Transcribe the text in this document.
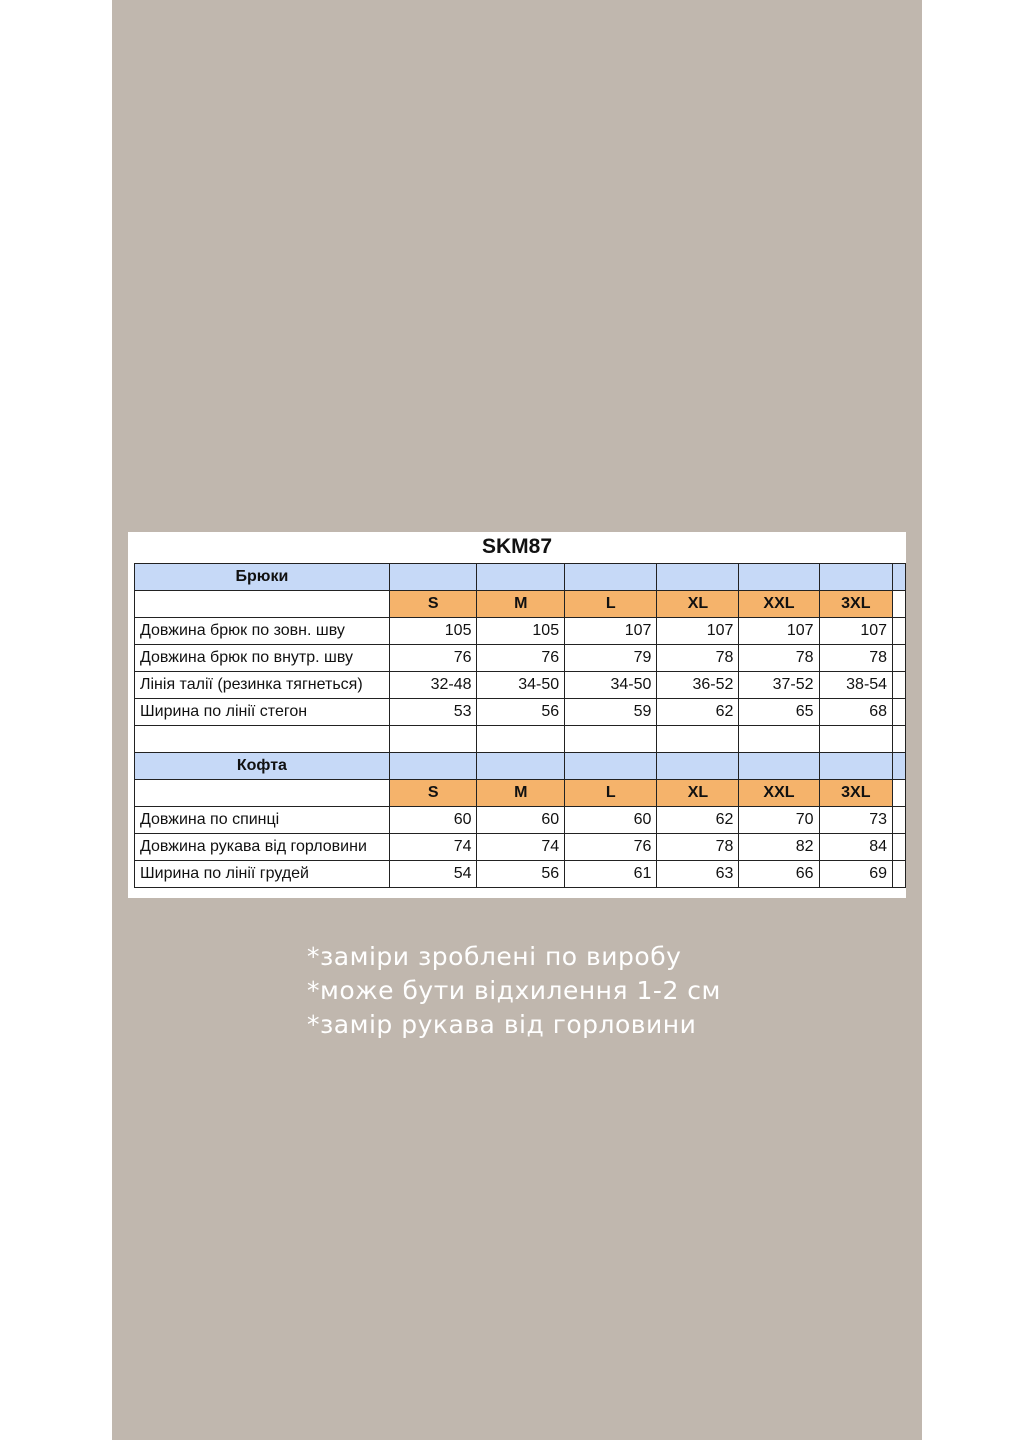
SKM87
Брюки							
	S	M	L	XL	XXL	3XL	
Довжина брюк по зовн. шву	105	105	107	107	107	107	
Довжина брюк по внутр. шву	76	76	79	78	78	78	
Лінія талії (резинка тягнеться)	32-48	34-50	34-50	36-52	37-52	38-54	
Ширина по лінії стегон	53	56	59	62	65	68	

Кофта							
	S	M	L	XL	XXL	3XL	
Довжина по спинці	60	60	60	62	70	73	
Довжина рукава від горловини	74	74	76	78	82	84	
Ширина по лінії грудей	54	56	61	63	66	69	
*заміри зроблені по виробу
*може бути відхилення 1-2 см
*замір рукава від горловини
